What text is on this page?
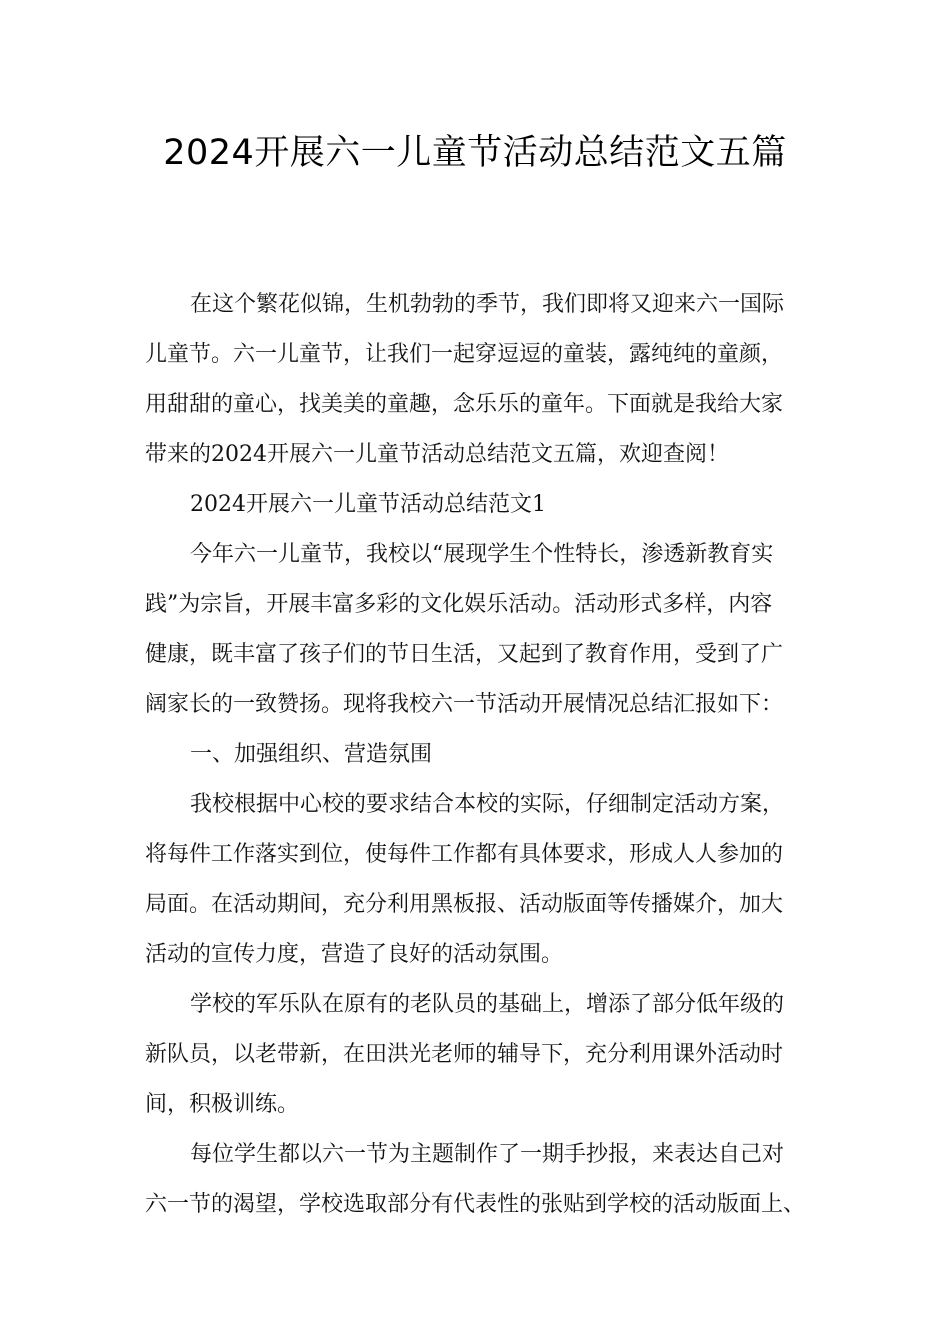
2024开展六一儿童节活动总结范文五篇
在这个繁花似锦，生机勃勃的季节，我们即将又迎来六一国际
儿童节。六一儿童节，让我们一起穿逗逗的童装，露纯纯的童颜，
用甜甜的童心，找美美的童趣，念乐乐的童年。下面就是我给大家
带来的2024开展六一儿童节活动总结范文五篇，欢迎查阅！
2024开展六一儿童节活动总结范文1
今年六一儿童节，我校以“展现学生个性特长，渗透新教育实
践”为宗旨，开展丰富多彩的文化娱乐活动。活动形式多样，内容
健康，既丰富了孩子们的节日生活，又起到了教育作用，受到了广
阔家长的一致赞扬。现将我校六一节活动开展情况总结汇报如下：
一、加强组织、营造氛围
我校根据中心校的要求结合本校的实际，仔细制定活动方案，
将每件工作落实到位，使每件工作都有具体要求，形成人人参加的
局面。在活动期间，充分利用黑板报、活动版面等传播媒介，加大
活动的宣传力度，营造了良好的活动氛围。
学校的军乐队在原有的老队员的基础上，增添了部分低年级的
新队员，以老带新，在田洪光老师的辅导下，充分利用课外活动时
间，积极训练。
每位学生都以六一节为主题制作了一期手抄报，来表达自己对
六一节的渴望，学校选取部分有代表性的张贴到学校的活动版面上、
